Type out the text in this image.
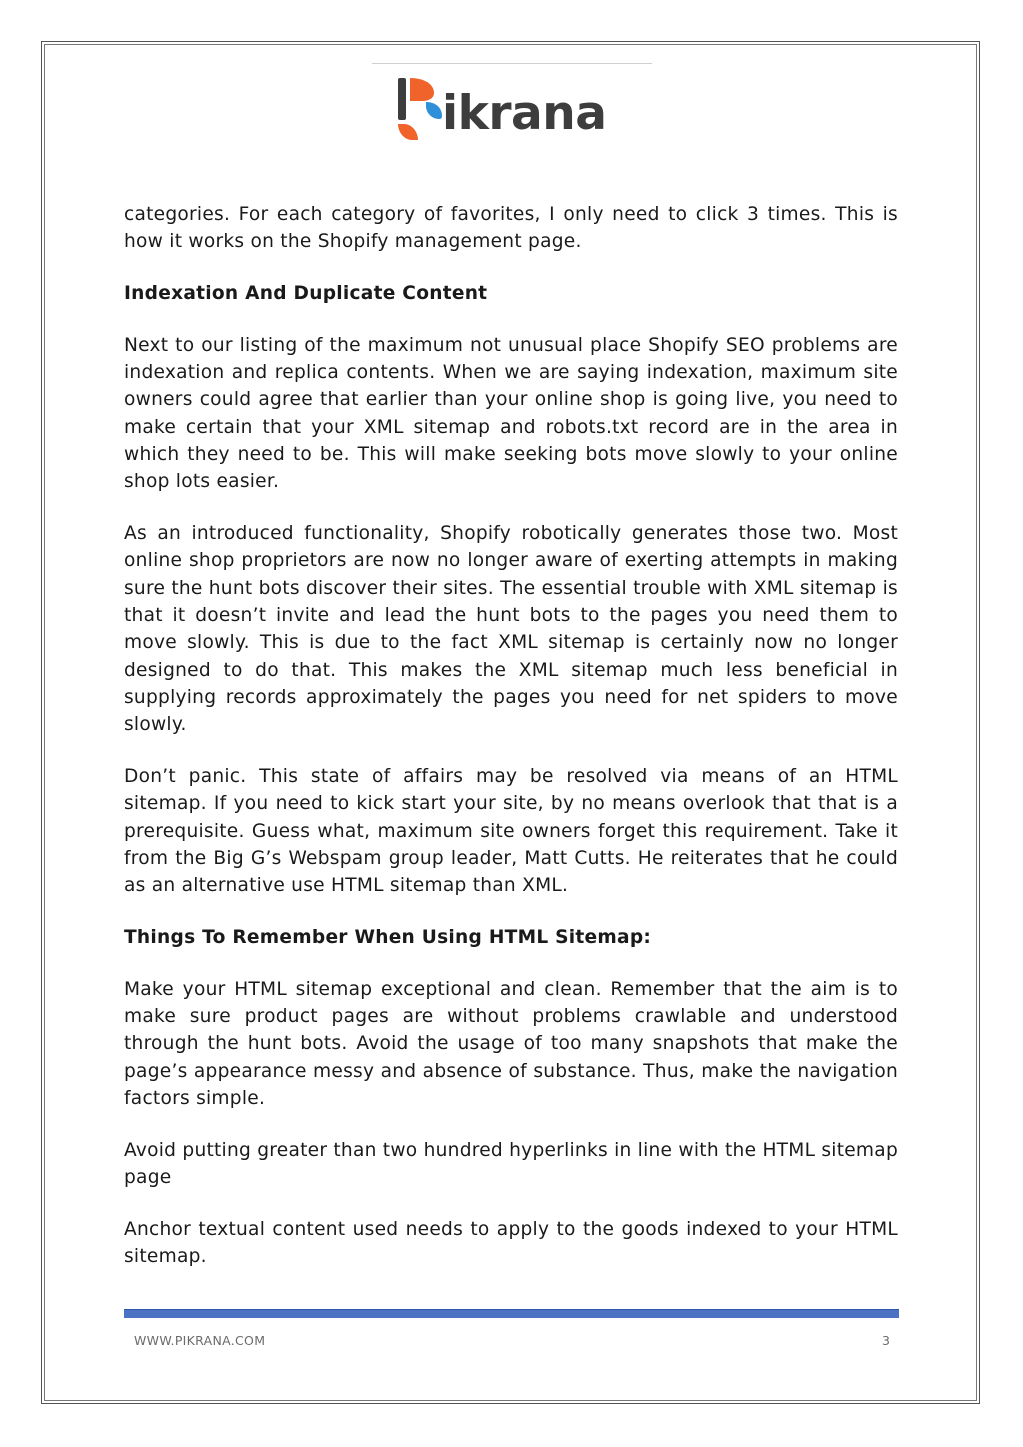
ikrana

categories. For each category of favorites, I only need to click 3 times. This is how it works on the Shopify management page.

Indexation And Duplicate Content

Next to our listing of the maximum not unusual place Shopify SEO problems are indexation and replica contents. When we are saying indexation, maximum site owners could agree that earlier than your online shop is going live, you need to make certain that your XML sitemap and robots.txt record are in the area in which they need to be. This will make seeking bots move slowly to your online shop lots easier.

As an introduced functionality, Shopify robotically generates those two. Most online shop proprietors are now no longer aware of exerting attempts in making sure the hunt bots discover their sites. The essential trouble with XML sitemap is that it doesn’t invite and lead the hunt bots to the pages you need them to move slowly. This is due to the fact XML sitemap is certainly now no longer designed to do that. This makes the XML sitemap much less beneficial in supplying records approximately the pages you need for net spiders to move slowly.

Don’t panic. This state of affairs may be resolved via means of an HTML sitemap. If you need to kick start your site, by no means overlook that that is a prerequisite. Guess what, maximum site owners forget this requirement. Take it from the Big G’s Webspam group leader, Matt Cutts. He reiterates that he could as an alternative use HTML sitemap than XML.

Things To Remember When Using HTML Sitemap:

Make your HTML sitemap exceptional and clean. Remember that the aim is to make sure product pages are without problems crawlable and understood through the hunt bots. Avoid the usage of too many snapshots that make the page’s appearance messy and absence of substance. Thus, make the navigation factors simple.

Avoid putting greater than two hundred hyperlinks in line with the HTML sitemap page

Anchor textual content used needs to apply to the goods indexed to your HTML sitemap.

WWW.PIKRANA.COM	3
